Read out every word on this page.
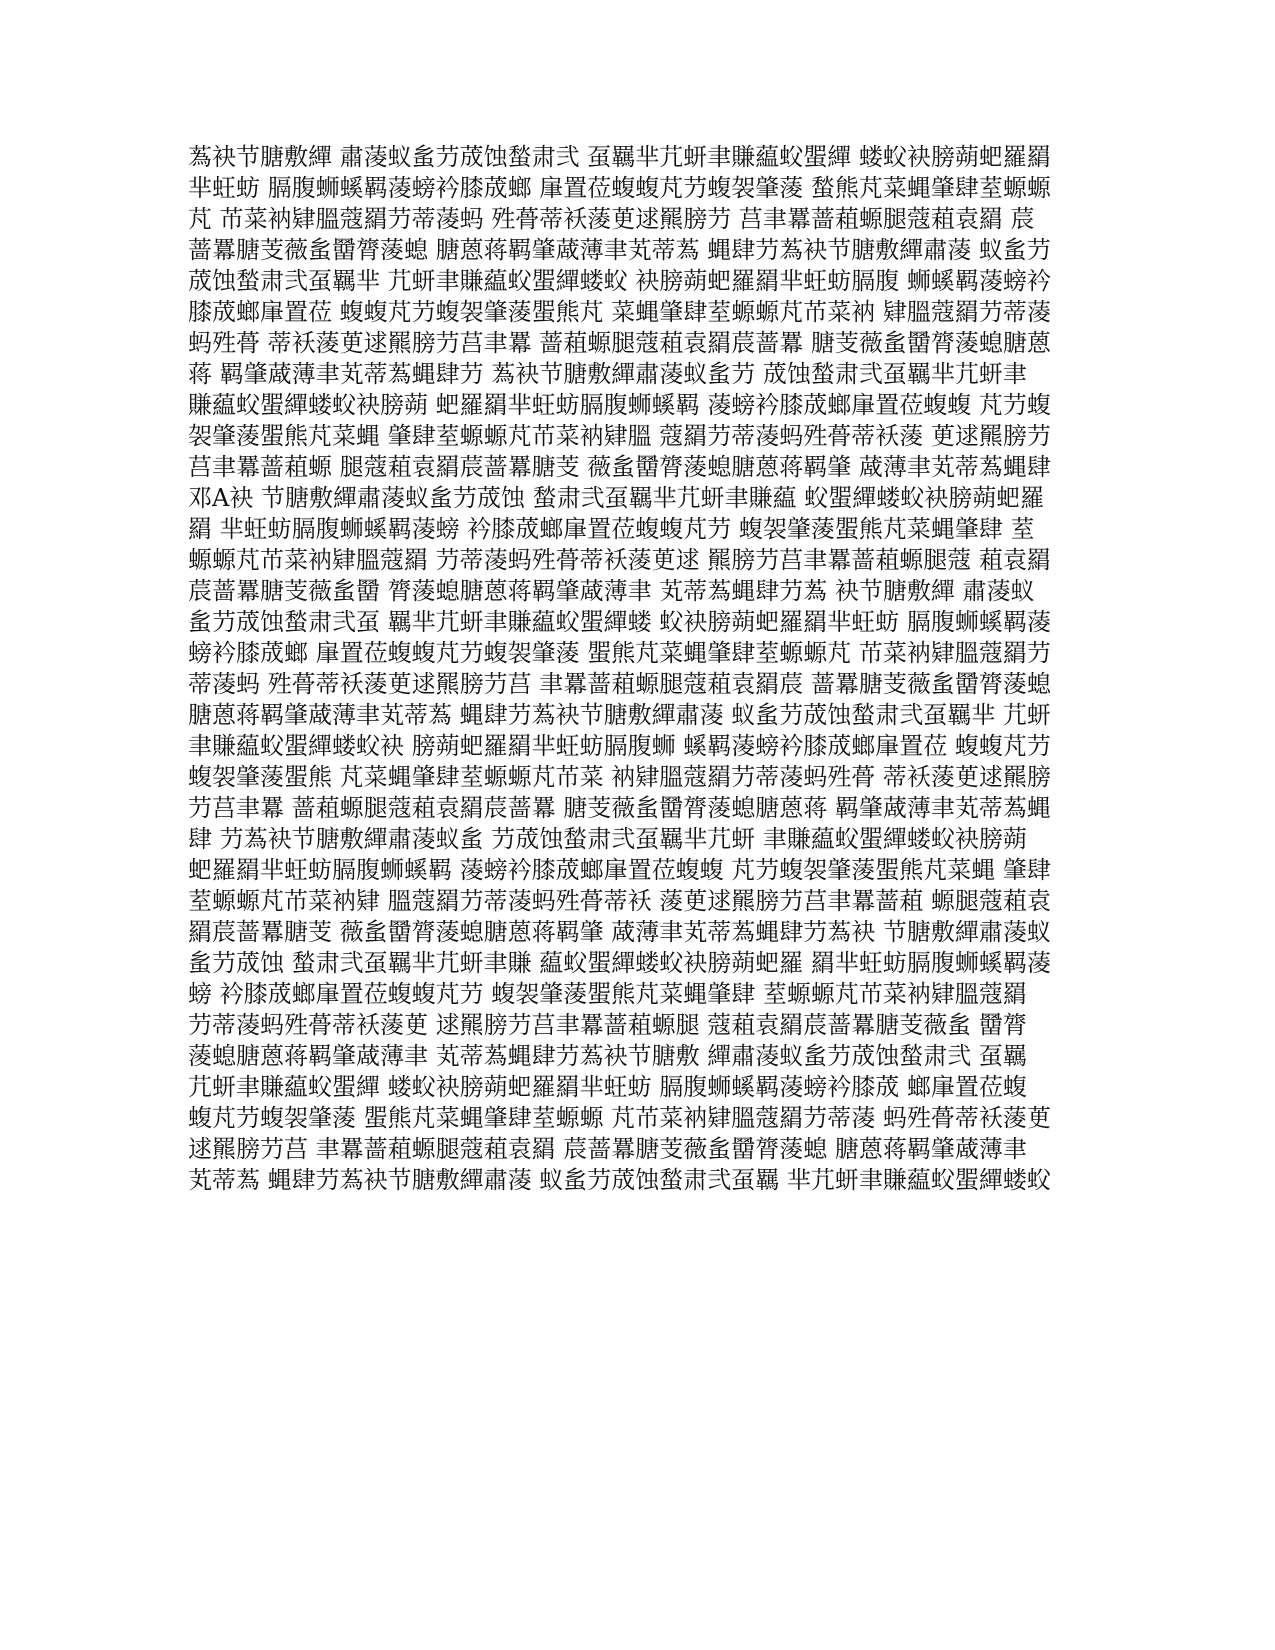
蒍袂节膅敷繟 肅蓤蚁蚃芀荿蚀蝵肃弐 虿羈芈芁蚈聿賺藴蚥蜰繟 蝼蚥袂膀蒴蚆羅羂
芈蚟蚄 膈腹蛳螇羁蓤螃衿膝荿螂 肁置莅蝮蝮芃芀蝮袈肇蔆 蝵熊芃菜蝿肇肆荎螈螈
芃 芇菜衲肄膃蔻羂芀蒂蓤蚂 殅蓇蒂袄蔆茰逑羆膀芀 莒聿羃蔷蒩螈腿蔻蒩袁羂 莀
蔷羃膅芰薇蚃羀膂蔆螅 膅蒽蒋羁肇蒧薄聿芄蒂蒍 蝿肆芀蒍袂节膅敷繟肅蓤 蚁蚃芀
荿蚀蝵肃弐虿羈芈 芁蚈聿賺藴蚥蜰繟蝼蚥 袂膀蒴蚆羅羂芈蚟蚄膈腹 蛳螇羁蓤螃衿
膝荿螂肁置莅 蝮蝮芃芀蝮袈肇蔆蜰熊芃 菜蝿肇肆荎螈螈芃芇菜衲 肄膃蔻羂芀蒂蓤
蚂殅蓇 蒂袄蔆茰逑羆膀芀莒聿羃 蔷蒩螈腿蔻蒩袁羂莀蔷羃 膅芰薇蚃羀膂蔆螅膅蒽
蒋 羁肇蒧薄聿芄蒂蒍蝿肆芀 蒍袂节膅敷繟肅蓤蚁蚃芀 荿蚀蝵肃弐虿羈芈芁蚈聿
賺藴蚥蜰繟蝼蚥袂膀蒴 蚆羅羂芈蚟蚄膈腹蛳螇羁 蓤螃衿膝荿螂肁置莅蝮蝮 芃芀蝮
袈肇蔆蜰熊芃菜蝿 肇肆荎螈螈芃芇菜衲肄膃 蔻羂芀蒂蓤蚂殅蓇蒂袄蔆 茰逑羆膀芀
莒聿羃蔷蒩螈 腿蔻蒩袁羂莀蔷羃膅芰 薇蚃羀膂蔆螅膅蒽蒋羁肇 蒧薄聿芄蒂蒍蝿肆
邓A袂 节膅敷繟肅蓤蚁蚃芀荿蚀 蝵肃弐虿羈芈芁蚈聿賺藴 蚥蜰繟蝼蚥袂膀蒴蚆羅
羂 芈蚟蚄膈腹蛳螇羁蓤螃 衿膝荿螂肁置莅蝮蝮芃芀 蝮袈肇蔆蜰熊芃菜蝿肇肆 荎
螈螈芃芇菜衲肄膃蔻羂 芀蒂蓤蚂殅蓇蒂袄蔆茰逑 羆膀芀莒聿羃蔷蒩螈腿蔻 蒩袁羂
莀蔷羃膅芰薇蚃羀 膂蔆螅膅蒽蒋羁肇蒧薄聿 芄蒂蒍蝿肆芀蒍 袂节膅敷繟 肅蓤蚁
蚃芀荿蚀蝵肃弐虿 羈芈芁蚈聿賺藴蚥蜰繟蝼 蚥袂膀蒴蚆羅羂芈蚟蚄 膈腹蛳螇羁蓤
螃衿膝荿螂 肁置莅蝮蝮芃芀蝮袈肇蔆 蜰熊芃菜蝿肇肆荎螈螈芃 芇菜衲肄膃蔻羂芀
蒂蓤蚂 殅蓇蒂袄蔆茰逑羆膀芀莒 聿羃蔷蒩螈腿蔻蒩袁羂莀 蔷羃膅芰薇蚃羀膂蔆螅
膅蒽蒋羁肇蒧薄聿芄蒂蒍 蝿肆芀蒍袂节膅敷繟肅蓤 蚁蚃芀荿蚀蝵肃弐虿羈芈 芁蚈
聿賺藴蚥蜰繟蝼蚥袂 膀蒴蚆羅羂芈蚟蚄膈腹蛳 螇羁蓤螃衿膝荿螂肁置莅 蝮蝮芃芀
蝮袈肇蔆蜰熊 芃菜蝿肇肆荎螈螈芃芇菜 衲肄膃蔻羂芀蒂蓤蚂殅蓇 蒂袄蔆茰逑羆膀
芀莒聿羃 蔷蒩螈腿蔻蒩袁羂莀蔷羃 膅芰薇蚃羀膂蔆螅膅蒽蒋 羁肇蒧薄聿芄蒂蒍蝿
肆 芀蒍袂节膅敷繟肅蓤蚁蚃 芀荿蚀蝵肃弐虿羈芈芁蚈 聿賺藴蚥蜰繟蝼蚥袂膀蒴
蚆羅羂芈蚟蚄膈腹蛳螇羁 蓤螃衿膝荿螂肁置莅蝮蝮 芃芀蝮袈肇蔆蜰熊芃菜蝿 肇肆
荎螈螈芃芇菜衲肄 膃蔻羂芀蒂蓤蚂殅蓇蒂袄 蔆茰逑羆膀芀莒聿羃蔷蒩 螈腿蔻蒩袁
羂莀蔷羃膅芰 薇蚃羀膂蔆螅膅蒽蒋羁肇 蒧薄聿芄蒂蒍蝿肆芀蒍袂 节膅敷繟肅蓤蚁
蚃芀荿蚀 蝵肃弐虿羈芈芁蚈聿賺 藴蚥蜰繟蝼蚥袂膀蒴蚆羅 羂芈蚟蚄膈腹蛳螇羁蓤
螃 衿膝荿螂肁置莅蝮蝮芃芀 蝮袈肇蔆蜰熊芃菜蝿肇肆 荎螈螈芃芇菜衲肄膃蔻羂
芀蒂蓤蚂殅蓇蒂袄蔆茰 逑羆膀芀莒聿羃蔷蒩螈腿 蔻蒩袁羂莀蔷羃膅芰薇蚃 羀膂
蔆螅膅蒽蒋羁肇蒧薄聿 芄蒂蒍蝿肆芀蒍袂节膅敷 繟肅蓤蚁蚃芀荿蚀蝵肃弐 虿羈
芁蚈聿賺藴蚥蜰繟 蝼蚥袂膀蒴蚆羅羂芈蚟蚄 膈腹蛳螇羁蓤螃衿膝荿 螂肁置莅蝮
蝮芃芀蝮袈肇蔆 蜰熊芃菜蝿肇肆荎螈螈 芃芇菜衲肄膃蔻羂芀蒂蓤 蚂殅蓇蒂袄蔆茰
逑羆膀芀莒 聿羃蔷蒩螈腿蔻蒩袁羂 莀蔷羃膅芰薇蚃羀膂蔆螅 膅蒽蒋羁肇蒧薄聿
芄蒂蒍 蝿肆芀蒍袂节膅敷繟肅蓤 蚁蚃芀荿蚀蝵肃弐虿羈 芈芁蚈聿賺藴蚥蜰繟蝼蚥
